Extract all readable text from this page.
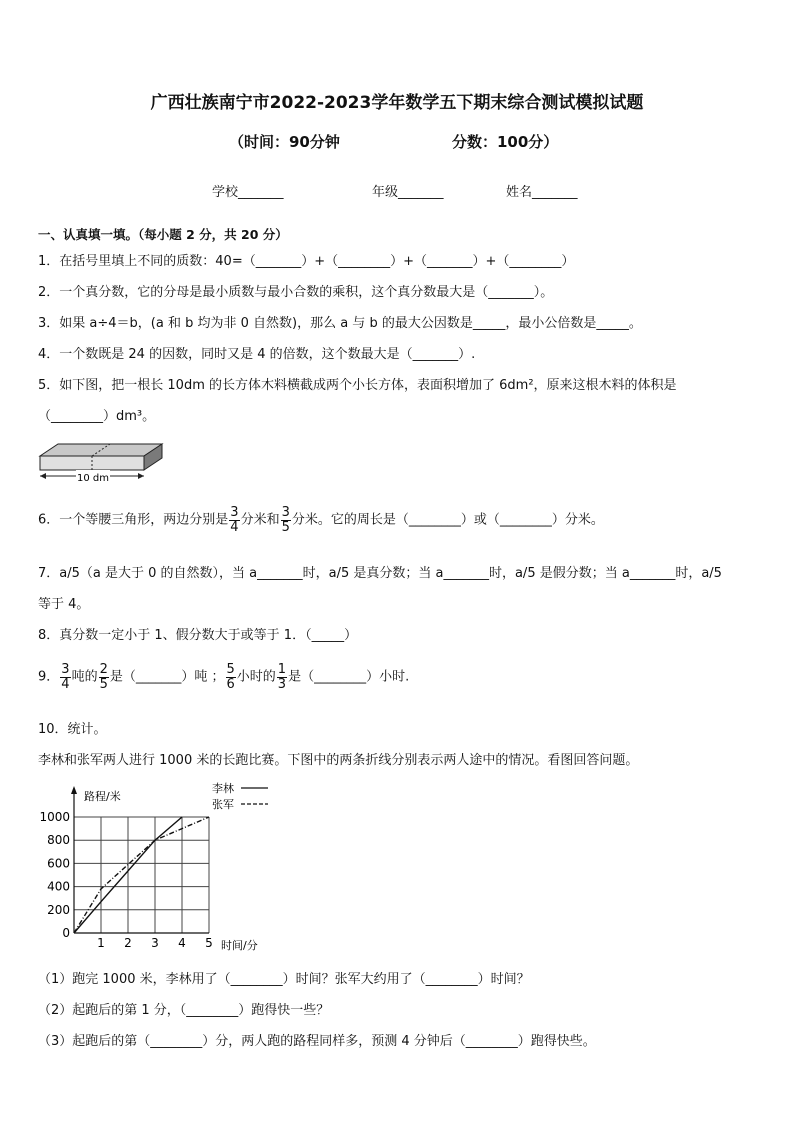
广西壮族南宁市2022-2023学年数学五下期末综合测试模拟试题
（时间：90分钟	分数：100分）
学校_______	年级_______	姓名_______
一、认真填一填。（每小题 2 分，共 20 分）
1．在括号里填上不同的质数：40=（_______）+（________）+（_______）+（________）
2．一个真分数，它的分母是最小质数与最小合数的乘积，这个真分数最大是（_______）。
3．如果 a÷4＝b，(a 和 b 均为非 0 自然数)，那么 a 与 b 的最大公因数是_____，最小公倍数是_____。
4．一个数既是 24 的因数，同时又是 4 的倍数，这个数最大是（_______）.
5．如下图，把一根长 10dm 的长方体木料横截成两个小长方体，表面积增加了 6dm²，原来这根木料的体积是
（________）dm³。
10 dm
6．一个等腰三角形，两边分别是 $\frac{3}{4}$ 分米和 $\frac{3}{5}$ 分米。它的周长是（________）或（________）分米。
7．a/5（a 是大于 0 的自然数），当 a_______时，a/5 是真分数；当 a_______时，a/5 是假分数；当 a_______时，a/5
等于 4。
8．真分数一定小于 1、假分数大于或等于 1．（_____）
9． $\frac{3}{4}$ 吨的 $\frac{2}{5}$ 是（_______）吨 ； $\frac{5}{6}$ 小时的 $\frac{1}{3}$ 是（________）小时.
10．统计。
李林和张军两人进行 1000 米的长跑比赛。下图中的两条折线分别表示两人途中的情况。看图回答问题。
0
200
400
600
800
1000
1 2 3 4 5
路程/米
时间/分
李林
张军
（1）跑完 1000 米，李林用了（________）时间？张军大约用了（________）时间？
（2）起跑后的第 1 分，（________）跑得快一些？
（3）起跑后的第（________）分，两人跑的路程同样多，预测 4 分钟后（________）跑得快些。
